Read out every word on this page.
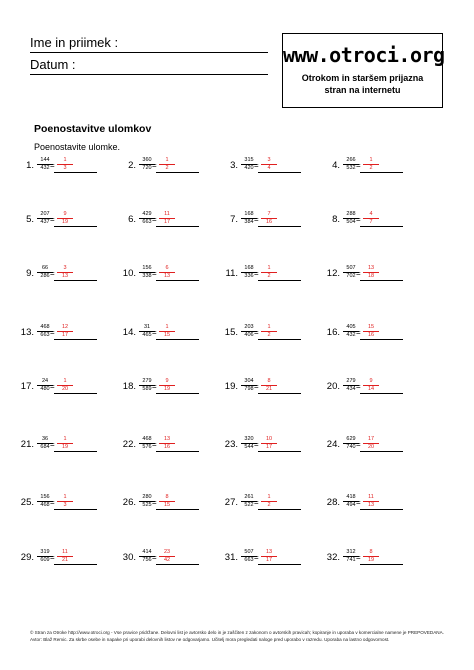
Ime in priimek :
Datum :	www.otroci.org
Otrokom in staršem prijazna
stran na internetu
Poenostavitve ulomkov
Poenostavite ulomke.
1.	144
432 =
1
3	2.	360
720 =
1
2	3.	315
420 =
3
4	4.	266
532 =
1
2
5.	207
437 =
9
19	6.	429
663 =
11
17	7.	168
384 =
7
16	8.	288
504 =
4
7
9.	66
286 =
3
13	10.	156
338 =
6
13	11.	168
336 =
1
2	12.	507
702 =
13
18
13.	468
663 =
12
17	14.	31
465 =
1
15	15.	203
406 =
1
2	16.	405
432 =
15
16
17.	24
480 =
1
20	18.	279
589 =
9
19	19.	304
798 =
8
21	20.	279
434 =
9
14
21.	36
684 =
1
19	22.	468
576 =
13
16	23.	320
544 =
10
17	24.	629
740 =
17
20
25.	156
468 =
1
3	26.	280
525 =
8
15	27.	261
522 =
1
2	28.	418
494 =
11
13
29.	319
609 =
11
21	30.	414
756 =
23
42	31.	507
663 =
13
17	32.	312
741 =
8
19
© Stran za Otroke http://www.otroci.org - Vse pravice pridržane. Delovni list je avtorsko delo in je zaščiten z zakonom o avtorskih pravicah; kopiranje in uporaba v komercialne namene je PREPOVEDANA.
Avtor: Blaž Remic. Za skrbe osebe in napake pri uporabi delovnih listov ne odgovarjamo. Učitelj mora pregledati naloge pred uporabo v razredu. Uporaba na lastno odgovornost.
